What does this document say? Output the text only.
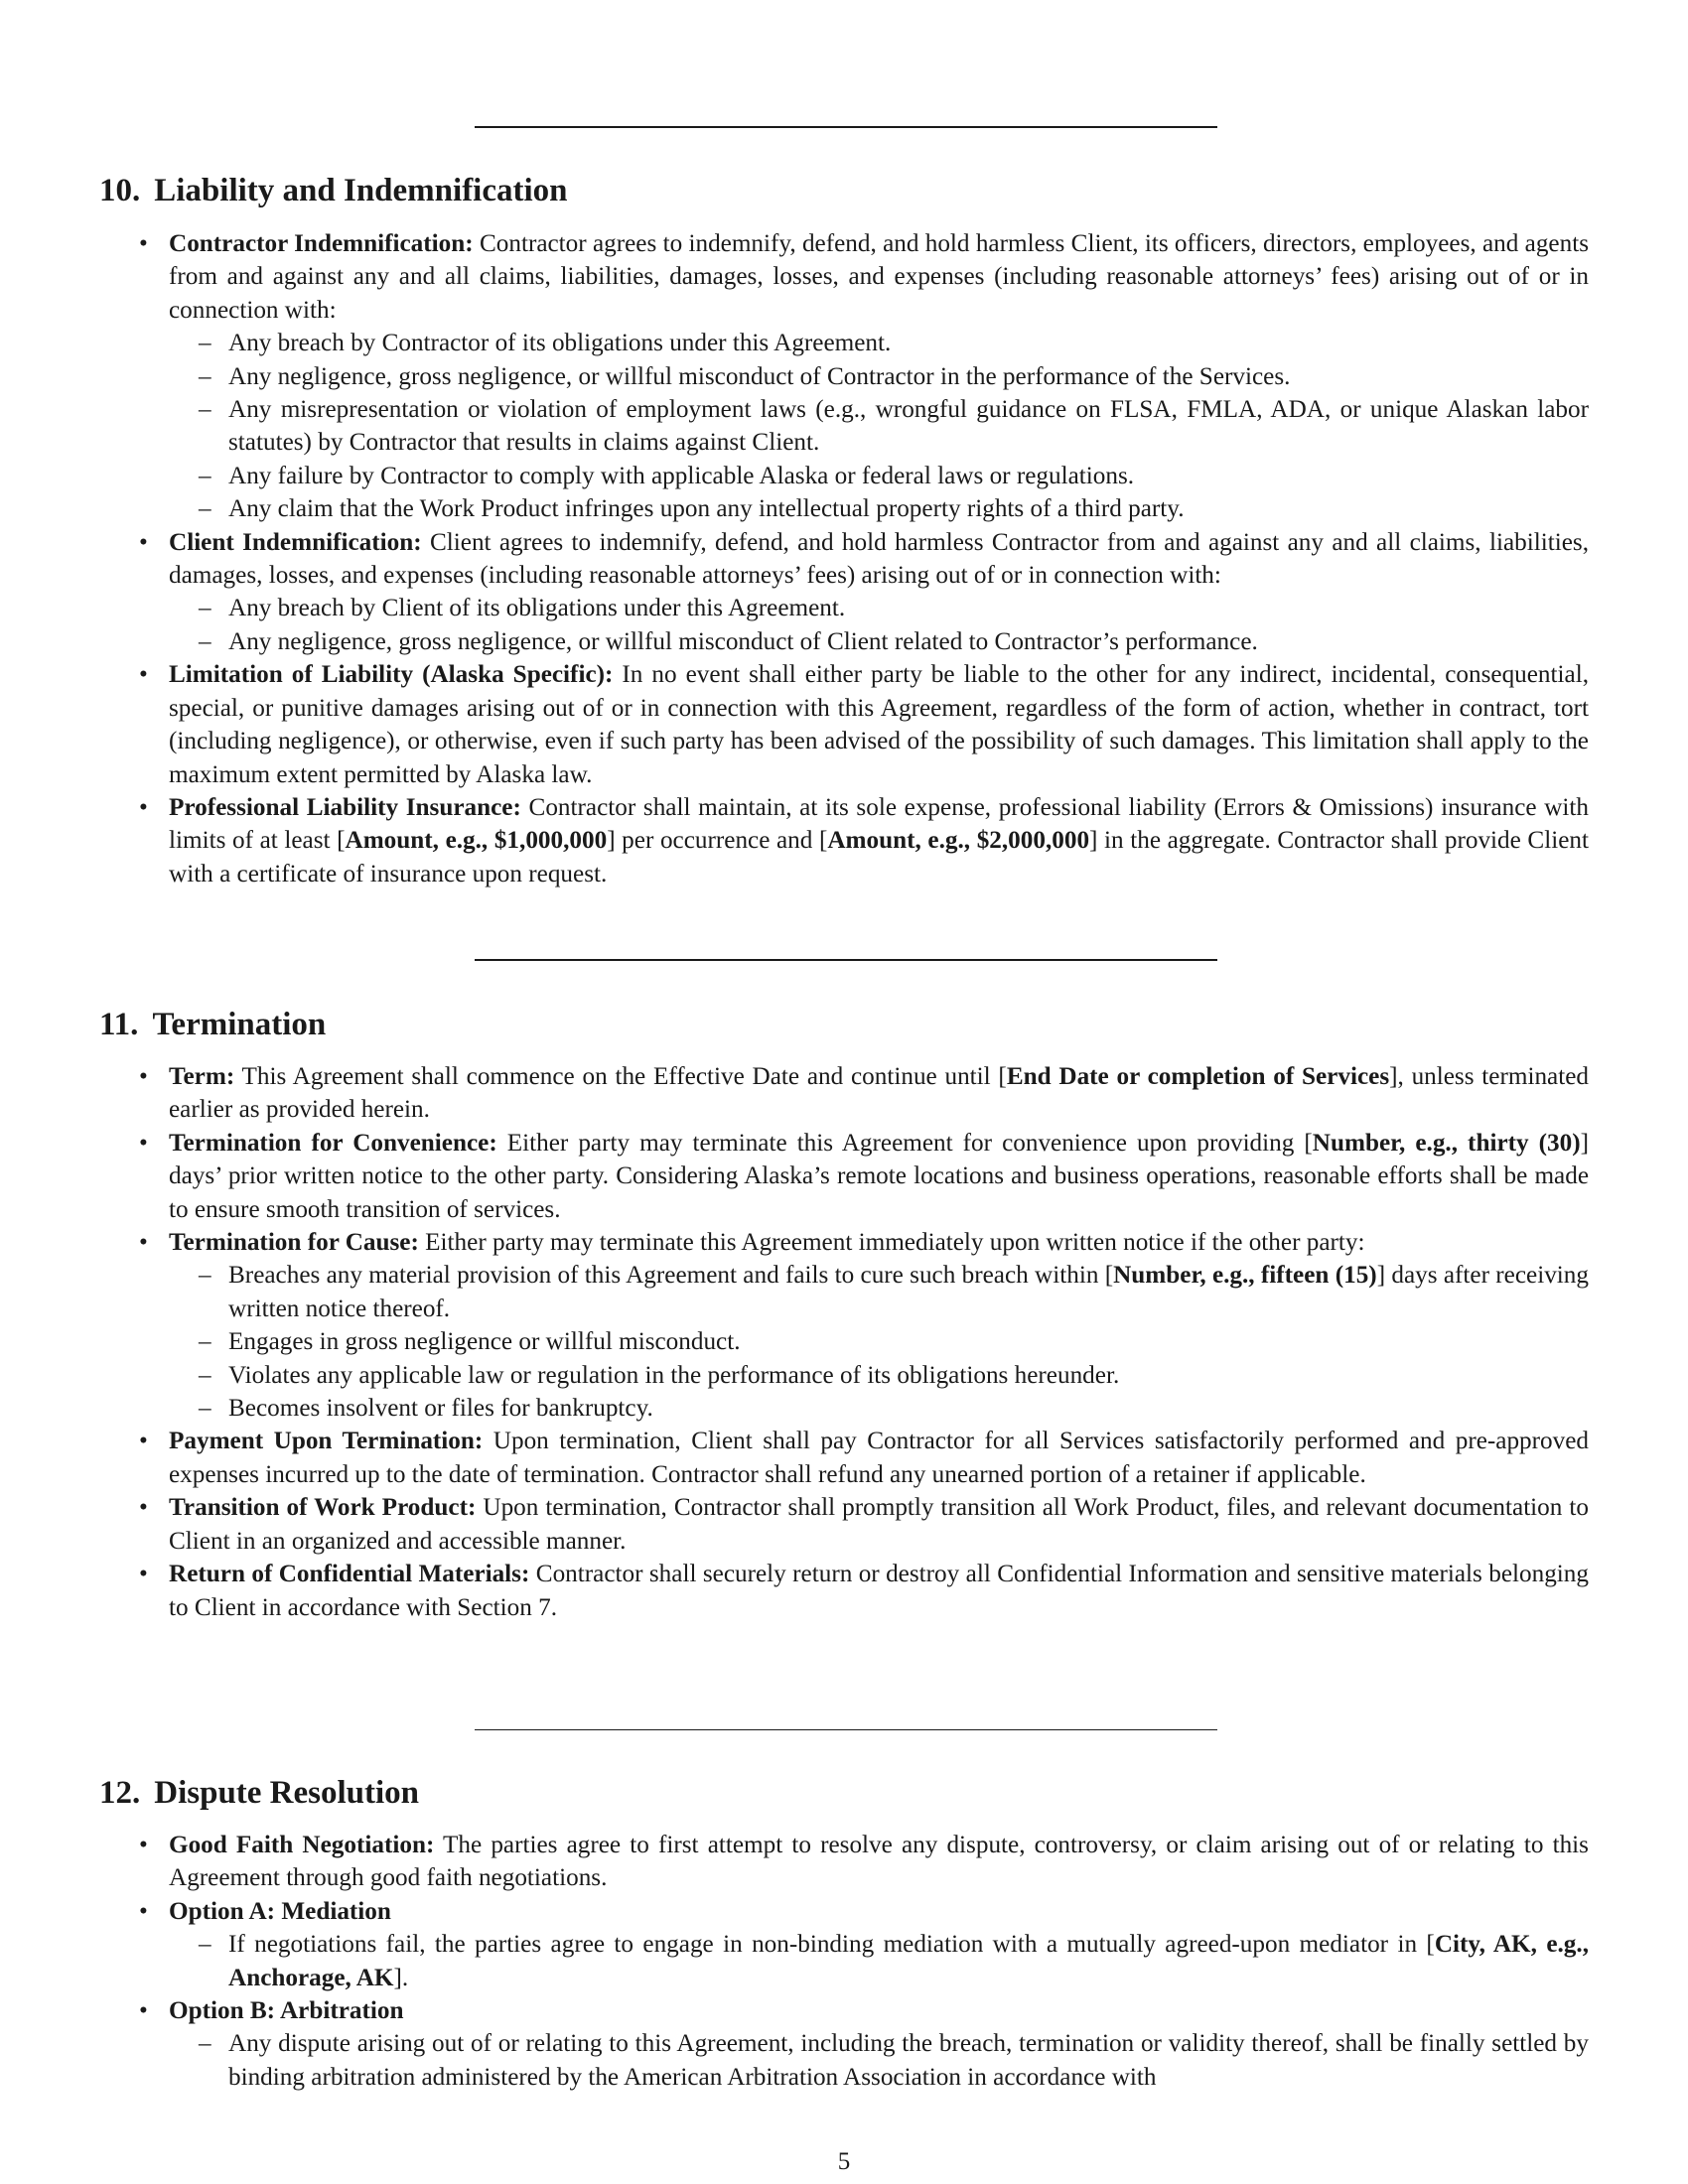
10. Liability and Indemnification
• Contractor Indemnification: Contractor agrees to indemnify, defend, and hold harmless Client, its officers, directors, employees, and agents from and against any and all claims, liabilities, damages, losses, and expenses (including reasonable attorneys’ fees) arising out of or in connection with:
– Any breach by Contractor of its obligations under this Agreement.
– Any negligence, gross negligence, or willful misconduct of Contractor in the performance of the Services.
– Any misrepresentation or violation of employment laws (e.g., wrongful guidance on FLSA, FMLA, ADA, or unique Alaskan labor statutes) by Contractor that results in claims against Client.
– Any failure by Contractor to comply with applicable Alaska or federal laws or regulations.
– Any claim that the Work Product infringes upon any intellectual property rights of a third party.
• Client Indemnification: Client agrees to indemnify, defend, and hold harmless Contractor from and against any and all claims, liabilities, damages, losses, and expenses (including reasonable attorneys’ fees) arising out of or in connection with:
– Any breach by Client of its obligations under this Agreement.
– Any negligence, gross negligence, or willful misconduct of Client related to Contractor’s performance.
• Limitation of Liability (Alaska Specific): In no event shall either party be liable to the other for any indirect, incidental, consequential, special, or punitive damages arising out of or in connection with this Agreement, regardless of the form of action, whether in contract, tort (including negligence), or otherwise, even if such party has been advised of the possibility of such damages. This limitation shall apply to the maximum extent permitted by Alaska law.
• Professional Liability Insurance: Contractor shall maintain, at its sole expense, professional liability (Errors & Omissions) insurance with limits of at least [Amount, e.g., $1,000,000] per occurrence and [Amount, e.g., $2,000,000] in the aggregate. Contractor shall provide Client with a certificate of insurance upon request.
11. Termination
• Term: This Agreement shall commence on the Effective Date and continue until [End Date or completion of Services], unless terminated earlier as provided herein.
• Termination for Convenience: Either party may terminate this Agreement for convenience upon providing [Number, e.g., thirty (30)] days’ prior written notice to the other party. Considering Alaska’s remote locations and business operations, reasonable efforts shall be made to ensure smooth transition of services.
• Termination for Cause: Either party may terminate this Agreement immediately upon written notice if the other party:
– Breaches any material provision of this Agreement and fails to cure such breach within [Number, e.g., fifteen (15)] days after receiving written notice thereof.
– Engages in gross negligence or willful misconduct.
– Violates any applicable law or regulation in the performance of its obligations hereunder.
– Becomes insolvent or files for bankruptcy.
• Payment Upon Termination: Upon termination, Client shall pay Contractor for all Services satisfactorily performed and pre-approved expenses incurred up to the date of termination. Contractor shall refund any unearned portion of a retainer if applicable.
• Transition of Work Product: Upon termination, Contractor shall promptly transition all Work Product, files, and relevant documentation to Client in an organized and accessible manner.
• Return of Confidential Materials: Contractor shall securely return or destroy all Confidential Information and sensitive materials belonging to Client in accordance with Section 7.
12. Dispute Resolution
• Good Faith Negotiation: The parties agree to first attempt to resolve any dispute, controversy, or claim arising out of or relating to this Agreement through good faith negotiations.
• Option A: Mediation
– If negotiations fail, the parties agree to engage in non-binding mediation with a mutually agreed-upon mediator in [City, AK, e.g., Anchorage, AK].
• Option B: Arbitration
– Any dispute arising out of or relating to this Agreement, including the breach, termination or validity thereof, shall be finally settled by binding arbitration administered by the American Arbitration Association in accordance with
5
